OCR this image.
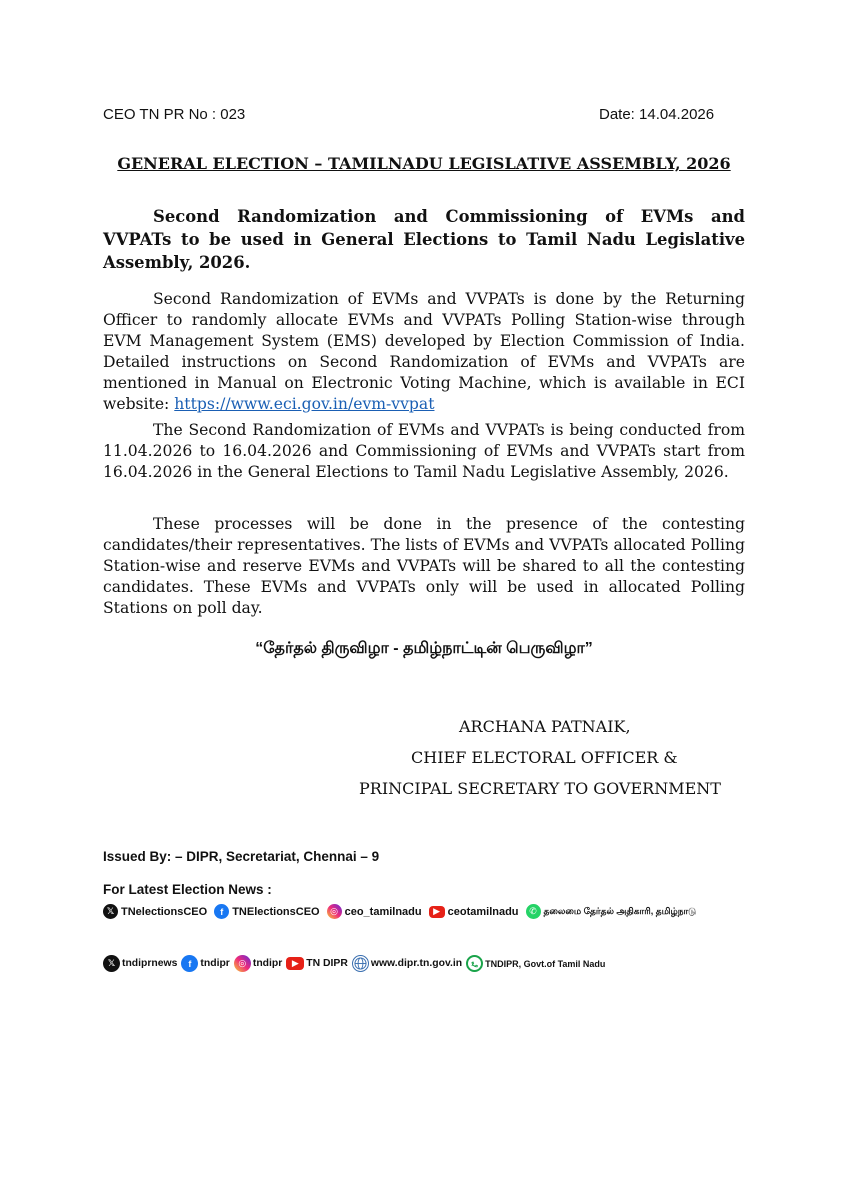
CEO TN PR No : 023	Date: 14.04.2026
GENERAL ELECTION – TAMILNADU LEGISLATIVE ASSEMBLY, 2026
Second Randomization and Commissioning of EVMs and VVPATs to be used in General Elections to Tamil Nadu Legislative Assembly, 2026.
Second Randomization of EVMs and VVPATs is done by the Returning Officer to randomly allocate EVMs and VVPATs Polling Station-wise through EVM Management System (EMS) developed by Election Commission of India. Detailed instructions on Second Randomization of EVMs and VVPATs are mentioned in Manual on Electronic Voting Machine, which is available in ECI website: https://www.eci.gov.in/evm-vvpat
The Second Randomization of EVMs and VVPATs is being conducted from 11.04.2026 to 16.04.2026 and Commissioning of EVMs and VVPATs start from 16.04.2026 in the General Elections to Tamil Nadu Legislative Assembly, 2026.
These processes will be done in the presence of the contesting candidates/their representatives. The lists of EVMs and VVPATs allocated Polling Station-wise and reserve EVMs and VVPATs will be shared to all the contesting candidates. These EVMs and VVPATs only will be used in allocated Polling Stations on poll day.
“தேர்தல் திருவிழா - தமிழ்நாட்டின் பெருவிழா”
ARCHANA PATNAIK,
CHIEF ELECTORAL OFFICER &
PRINCIPAL SECRETARY TO GOVERNMENT
Issued By: – DIPR, Secretariat, Chennai – 9
For Latest Election News :
𝕏 TNelectionsCEO	f TNElectionsCEO	◎ ceo_tamilnadu	▶ ceotamilnadu	✆ தலைமை தேர்தல் அதிகாரி, தமிழ்நாடு
𝕏 tndiprnews	f tndipr ◎ tndipr	▶ TN DIPR www.dipr.tn.gov.in	TNDIPR, Govt.of Tamil Nadu
